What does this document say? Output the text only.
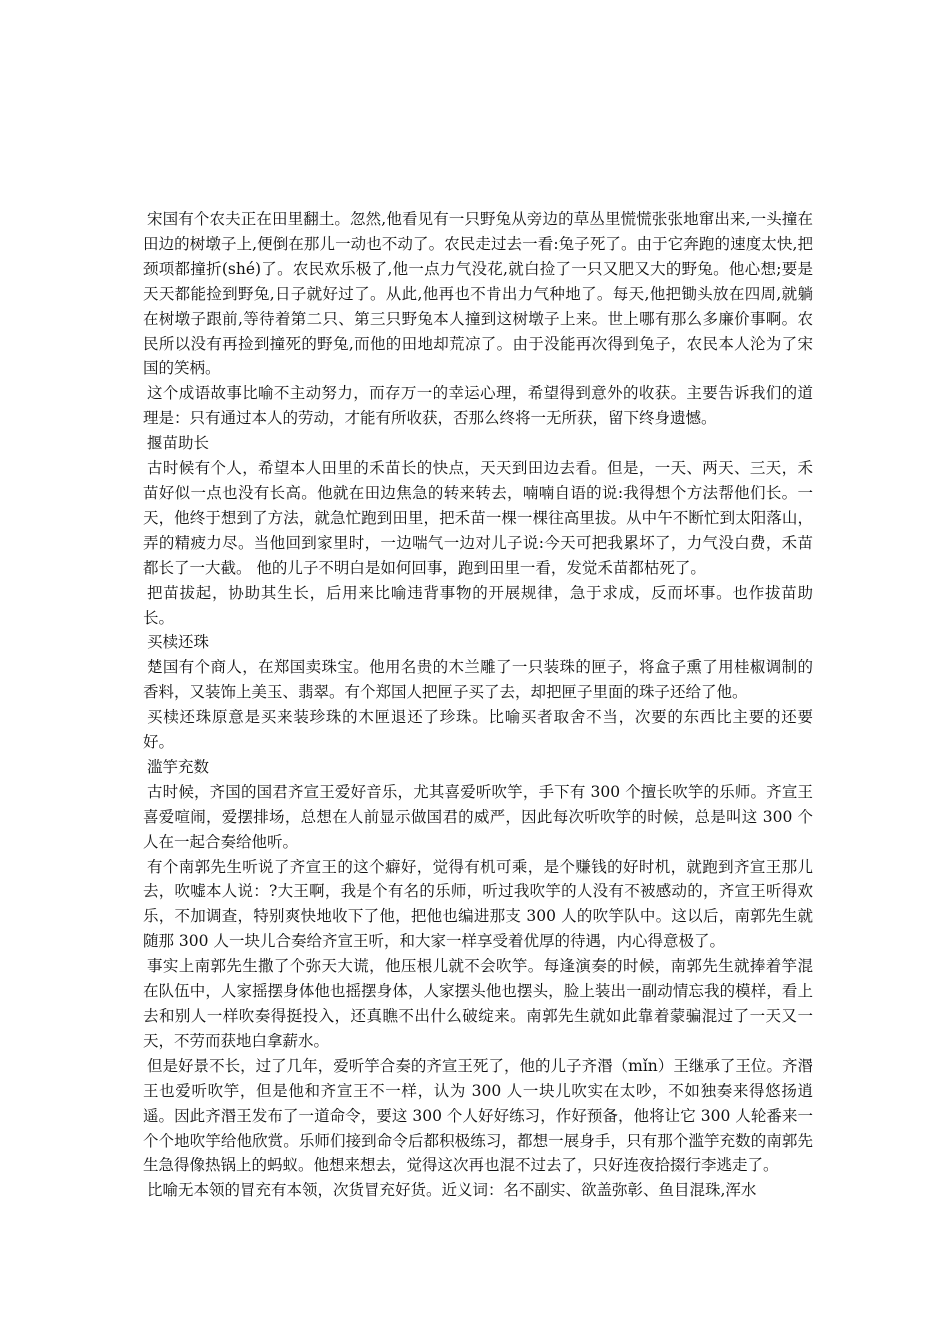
宋国有个农夫正在田里翻土。忽然,他看见有一只野兔从旁边的草丛里慌慌张张地窜出来,一头撞在田边的树墩子上,便倒在那儿一动也不动了。农民走过去一看:兔子死了。由于它奔跑的速度太快,把颈项都撞折(shé)了。农民欢乐极了,他一点力气没花,就白捡了一只又肥又大的野兔。他心想;要是天天都能捡到野兔,日子就好过了。从此,他再也不肯出力气种地了。每天,他把锄头放在四周,就躺在树墩子跟前,等待着第二只、第三只野兔本人撞到这树墩子上来。世上哪有那么多廉价事啊。农民所以没有再捡到撞死的野兔,而他的田地却荒凉了。由于没能再次得到兔子，农民本人沦为了宋国的笑柄。

这个成语故事比喻不主动努力，而存万一的幸运心理，希望得到意外的收获。主要告诉我们的道理是：只有通过本人的劳动，才能有所收获，否那么终将一无所获，留下终身遗憾。

揠苗助长

古时候有个人，希望本人田里的禾苗长的快点，天天到田边去看。但是，一天、两天、三天，禾苗好似一点也没有长高。他就在田边焦急的转来转去，喃喃自语的说:我得想个方法帮他们长。一天，他终于想到了方法，就急忙跑到田里，把禾苗一棵一棵往高里拔。从中午不断忙到太阳落山，弄的精疲力尽。当他回到家里时，一边喘气一边对儿子说:今天可把我累坏了，力气没白费，禾苗都长了一大截。 他的儿子不明白是如何回事，跑到田里一看，发觉禾苗都枯死了。

把苗拔起，协助其生长，后用来比喻违背事物的开展规律，急于求成，反而坏事。也作拔苗助长。

买椟还珠

楚国有个商人，在郑国卖珠宝。他用名贵的木兰雕了一只装珠的匣子，将盒子熏了用桂椒调制的香料，又装饰上美玉、翡翠。有个郑国人把匣子买了去，却把匣子里面的珠子还给了他。

买椟还珠原意是买来装珍珠的木匣退还了珍珠。比喻买者取舍不当，次要的东西比主要的还要好。

滥竽充数

古时候，齐国的国君齐宣王爱好音乐，尤其喜爱听吹竽，手下有 300 个擅长吹竽的乐师。齐宣王喜爱喧闹，爱摆排场，总想在人前显示做国君的威严，因此每次听吹竽的时候，总是叫这 300 个人在一起合奏给他听。

有个南郭先生听说了齐宣王的这个癖好，觉得有机可乘，是个赚钱的好时机，就跑到齐宣王那儿去，吹嘘本人说：?大王啊，我是个有名的乐师，听过我吹竽的人没有不被感动的，齐宣王听得欢乐，不加调查，特别爽快地收下了他，把他也编进那支 300 人的吹竽队中。这以后，南郭先生就随那 300 人一块儿合奏给齐宣王听，和大家一样享受着优厚的待遇，内心得意极了。

事实上南郭先生撒了个弥天大谎，他压根儿就不会吹竽。每逢演奏的时候，南郭先生就捧着竽混在队伍中，人家摇摆身体他也摇摆身体，人家摆头他也摆头，脸上装出一副动情忘我的模样，看上去和别人一样吹奏得挺投入，还真瞧不出什么破绽来。南郭先生就如此靠着蒙骗混过了一天又一天，不劳而获地白拿薪水。

但是好景不长，过了几年，爱听竽合奏的齐宣王死了，他的儿子齐湣（mǐn）王继承了王位。齐湣王也爱听吹竽，但是他和齐宣王不一样，认为 300 人一块儿吹实在太吵，不如独奏来得悠扬逍遥。因此齐湣王发布了一道命令，要这 300 个人好好练习，作好预备，他将让它 300 人轮番来一个个地吹竽给他欣赏。乐师们接到命令后都积极练习，都想一展身手，只有那个滥竽充数的南郭先生急得像热锅上的蚂蚁。他想来想去，觉得这次再也混不过去了，只好连夜拾掇行李逃走了。

比喻无本领的冒充有本领，次货冒充好货。近义词：名不副实、欲盖弥彰、鱼目混珠,浑水
